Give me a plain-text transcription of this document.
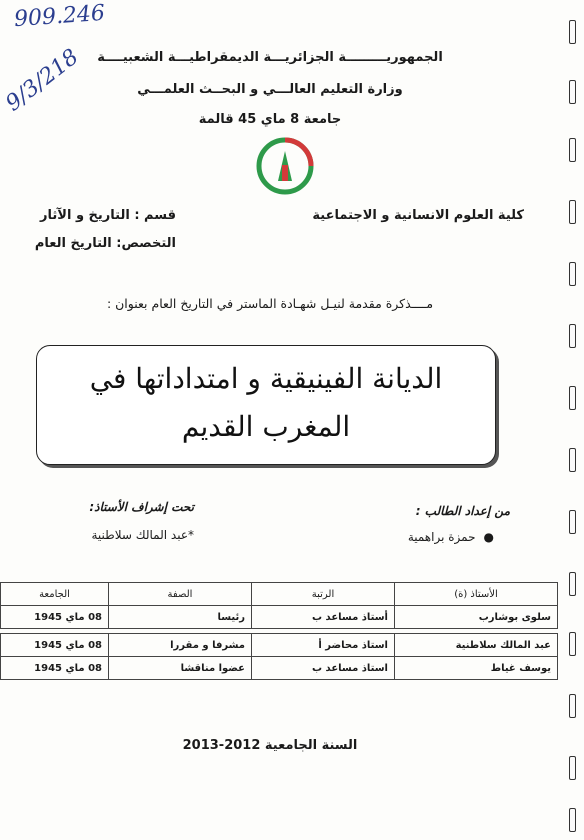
909.246
9/3/218	الجمهوريـــــــــة الجزائريـــة الديمقراطيـــة الشعبيــــة
وزارة التعليم العالـــي و البحــث العلمـــي
جامعة 8 ماي 45 قالمة
كلية العلوم الانسانية و الاجتماعية
قسم : التاريخ و الآثار
التخصص: التاريخ العام
مــــذكرة مقدمة لنيـل شهـادة الماستر في التاريخ العام بعنوان :
الديانة الفينيقية و امتداداتها في
المغرب القديم
من إعداد الطالب :
●حمزة براهمية
تحت إشراف الأستاذ:
*عبد المالك سلاطنية
الأستاذ (ة)	الرتبة	الصفة	الجامعة
سلوى بوشارب	أستاذ مساعد ب	رئيسا	08 ماي 1945

عبد المالك سلاطنية	استاذ محاضر أ	مشرفا و مقررا	08 ماي 1945
يوسف غياط	استاذ مساعد ب	عضوا مناقشا	08 ماي 1945
السنة الجامعية 2012-2013
